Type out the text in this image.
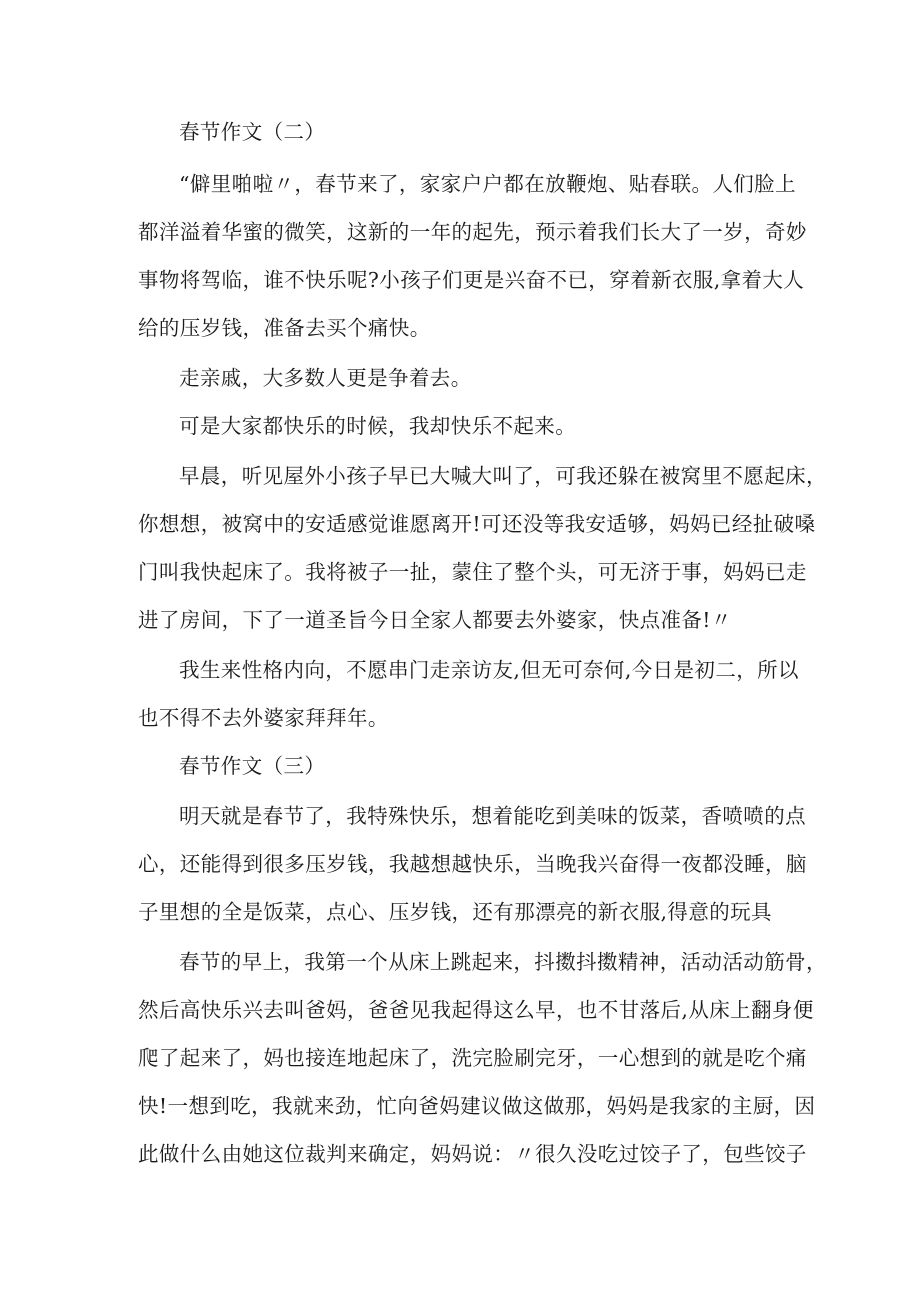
春节作文（二）
“僻里啪啦〃，春节来了，家家户户都在放鞭炮、贴春联。人们脸上
都洋溢着华蜜的微笑，这新的一年的起先，预示着我们长大了一岁，奇妙
事物将驾临，谁不快乐呢?小孩子们更是兴奋不已，穿着新衣服,拿着大人
给的压岁钱，准备去买个痛快。
走亲戚，大多数人更是争着去。
可是大家都快乐的时候，我却快乐不起来。
早晨，听见屋外小孩子早已大喊大叫了，可我还躲在被窝里不愿起床，
你想想，被窝中的安适感觉谁愿离开!可还没等我安适够，妈妈已经扯破嗓
门叫我快起床了。我将被子一扯，蒙住了整个头，可无济于事，妈妈已走
进了房间，下了一道圣旨今日全家人都要去外婆家，快点准备!〃
我生来性格内向，不愿串门走亲访友,但无可奈何,今日是初二，所以
也不得不去外婆家拜拜年。
春节作文（三）
明天就是春节了，我特殊快乐，想着能吃到美味的饭菜，香喷喷的点
心，还能得到很多压岁钱，我越想越快乐，当晚我兴奋得一夜都没睡，脑
子里想的全是饭菜，点心、压岁钱，还有那漂亮的新衣服,得意的玩具
春节的早上，我第一个从床上跳起来，抖擞抖擞精神，活动活动筋骨，
然后高快乐兴去叫爸妈，爸爸见我起得这么早，也不甘落后,从床上翻身便
爬了起来了，妈也接连地起床了，洗完脸刷完牙，一心想到的就是吃个痛
快!一想到吃，我就来劲，忙向爸妈建议做这做那，妈妈是我家的主厨，因
此做什么由她这位裁判来确定，妈妈说：〃很久没吃过饺子了，包些饺子
